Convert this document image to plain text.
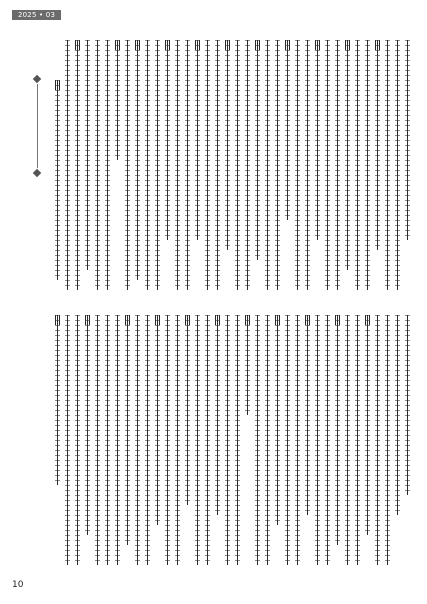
2025 • 03
10
